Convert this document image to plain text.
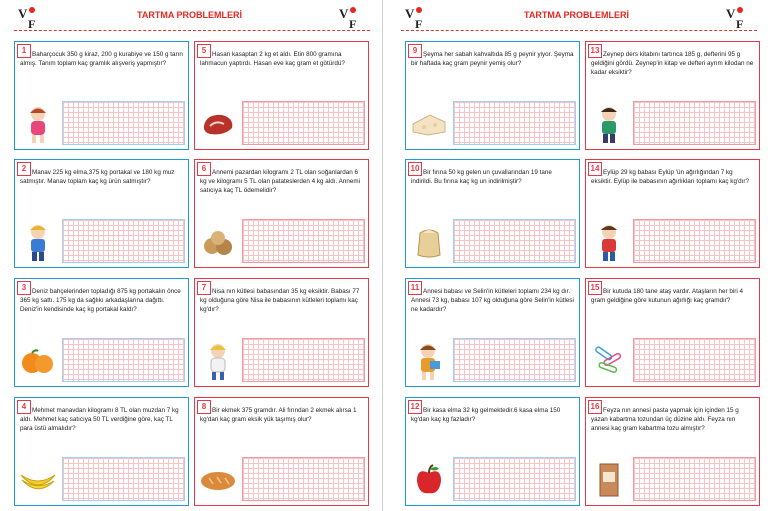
V
F
V
F
TARTMA PROBLEMLERİ
1 Baharçocuk 350 g kiraz, 200 g kurabiye ve 150 g tarın almış. Tanım toplam kaç gramlık alışveriş yapmıştır?
2 Manav 225 kg elma,375 kg portakal ve 180 kg muz satmıştır. Manav toplam kaç kg ürün satmıştır?
3 Deniz bahçelerinden topladığı 875 kg portakalın önce 365 kg sattı. 175 kg da sağlıkı arkadaşlarına dağıttı. Deniz'in kendisinde kaç kg portakal kaldı?
4 Mehmet manavdan kilogramı 8 TL olan muzdan 7 kg aldı. Mehmet kaç satıcıya 50 TL verdiğine göre, kaç TL para üstü almalıdır?
5 Hasan kasaptan 2 kg et aldı. Etin 800 gramına lahmacun yaptırdı. Hasan eve kaç gram et götürdü?
6 Annemi pazardan kilogramı 2 TL olan soğanlardan 6 kg ve kilogramı 5 TL olan patateslerden 4 kg aldı. Annemi satıcıya kaç TL ödemelidir?
7 Nisa nın kütlesi babasından 35 kg eksiktir. Babası 77 kg olduğuna göre Nisa ile babasının kütleleri toplamı kaç kg'dır?
8 Bir ekmek 375 gramdır. Ali fırından 2 ekmek alırsa 1 kg'dan kaç gram eksik yük taşımış olur?
V
F
V
F
TARTMA PROBLEMLERİ
9 Şeyma her sabah kahvaltıda 85 g peynir yiyor. Şeyma bir haftada kaç gram peynir yemiş olur?
10 Bir fırına 50 kg gelen un çuvallarından 19 tane indirildi. Bu fırına kaç kg un indirilmiştir?
11 Annesi babası ve Selin'in kütleleri toplamı 234 kg dır. Annesi 73 kg, babası 107 kg olduğuna göre Selin'in kütlesi ne kadardır?
12 Bir kasa elma 32 kg gelmektedir.6 kasa elma 150 kg'dan kaç kg fazladır?
13 Zeynep ders kitabını tartınca 185 g, defterini 95 g geldiğini gördü. Zeynep'in kitap ve defteri ayrım kilodan ne kadar eksiktir?
14 Eylüp 29 kg babası Eylüp 'ün ağırlığından 7 kg eksiktir. Eylüp ile babasının ağırlıkları toplamı kaç kg'dır?
15 Bir kutuda 180 tane ataş vardır. Ataşların her biri 4 gram geldiğine göre kutunun ağırlığı kaç gramdır?
16 Feyza nın annesi pasta yapmak için içinden 15 g yazan kabartma tozundan üç düzine aldı. Feyza nın annesi kaç gram kabartma tozu almıştır?
